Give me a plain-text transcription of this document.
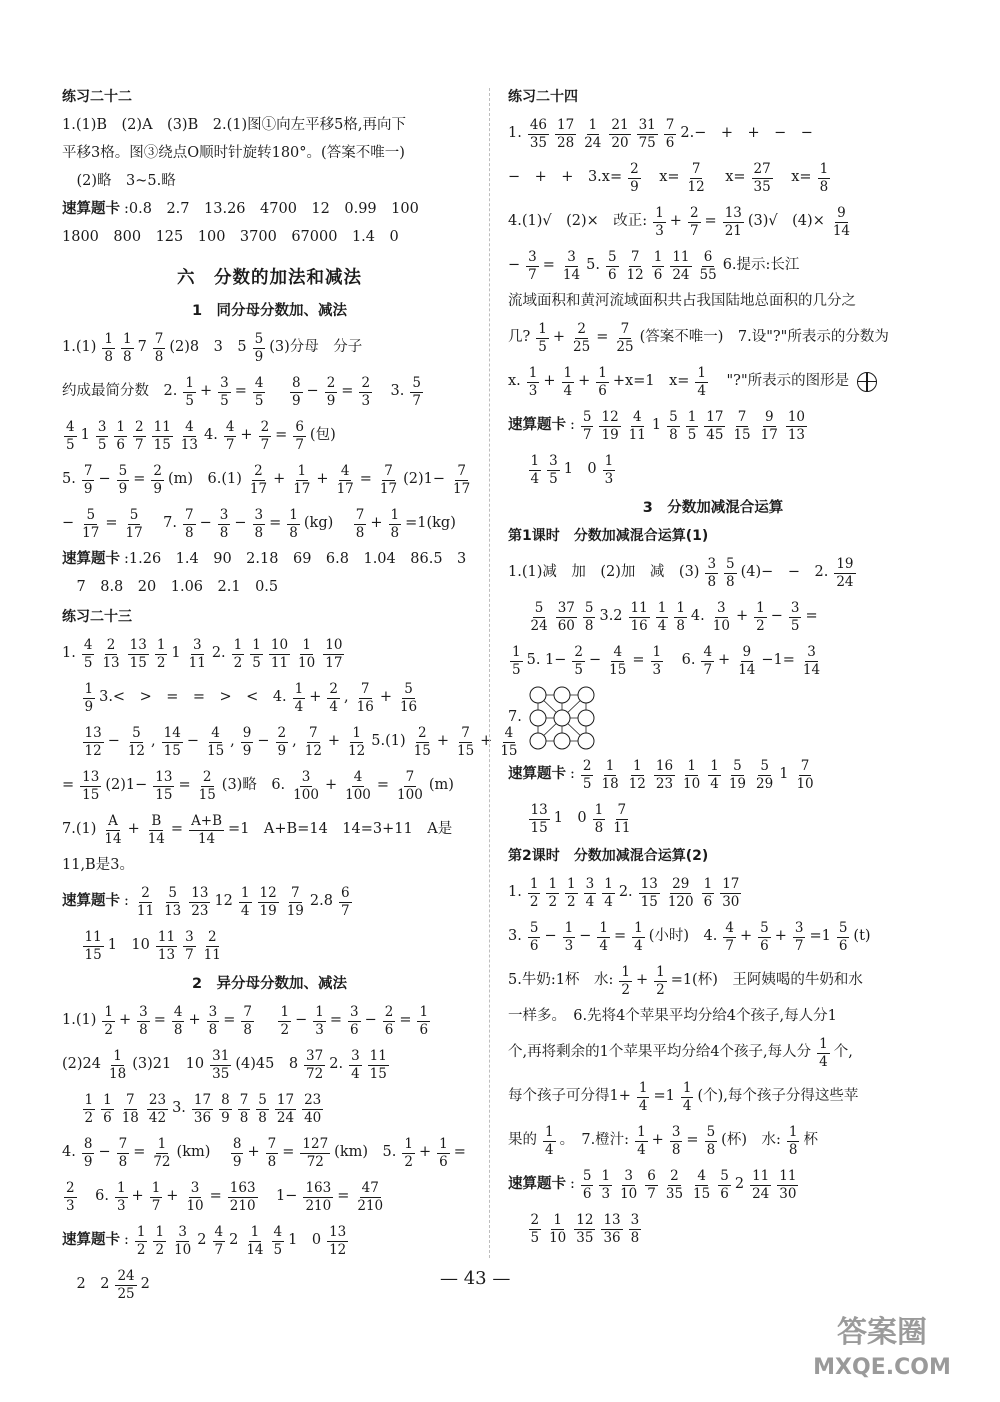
练习二十二
1.(1)B　(2)A　(3)B　2.(1)图①向左平移5格,再向下
平移3格。图③绕点O顺时针旋转180°。(答案不唯一)
　(2)略　3~5.略
速算题卡 :0.8　2.7　13.26　4700　12　0.99　100
1800　800　125　100　3700　67000　1.4　0
六　分数的加法和减法
1　同分母分数加、减法
$1.(1) \frac{1}{8} \frac{1}{8} 7 \frac{7}{8} (2)8$　3　$5 \frac{5}{9} (3)$分母　分子
约成最简分数　2. $\frac{1}{5} + \frac{3}{5} = \frac{4}{5}$
　 $\frac{8}{9} - \frac{2}{9} = \frac{2}{3}$ 　3. $\frac{5}{7}$
$\frac{4}{5} 1 \frac{3}{5} \frac{1}{6} \frac{2}{7} \frac{11}{15} \frac{4}{13} 4$. $\frac{4}{7} + \frac{2}{7} = \frac{6}{7}$ (包)
5. $\frac{7}{9} - \frac{5}{9} = \frac{2}{9} (m)$　$6.(1) \frac{2}{17} + \frac{1}{17} + \frac{4}{17} = \frac{7}{17} (2)1- \frac{7}{17}$
− $\frac{5}{17} = \frac{5}{17}$ 　7. $\frac{7}{8} - \frac{3}{8} - \frac{3}{8} = \frac{1}{8} (kg)$　 $\frac{7}{8} + \frac{1}{8} =1(kg)$
速算题卡 :1.26　1.4　90　2.18　69　6.8　1.04　86.5　3
　7　8.8　20　1.06　2.1　0.5
练习二十三
1. $\frac{4}{5} \frac{2}{13} \frac{13}{15} \frac{1}{2} 1 \frac{3}{11} 2$. $\frac{1}{2} \frac{1}{5} \frac{10}{11} \frac{1}{10} \frac{10}{17}$

$\frac{1}{9} 3.<$　>　=　=　>　<　4. $\frac{1}{4} + \frac{2}{4}$ , $\frac{7}{16} + \frac{5}{16}$

$\frac{13}{12} - \frac{5}{12}$ , $\frac{14}{15} - \frac{4}{15}$ , $\frac{9}{9} - \frac{2}{9}$ , $\frac{7}{12} + \frac{1}{12} 5.(1) \frac{2}{15} + \frac{7}{15} + \frac{4}{15}$
= $\frac{13}{15} (2)1- \frac{13}{15} = \frac{2}{15} (3)$略　6. $\frac{3}{100} + \frac{4}{100} = \frac{7}{100} (m)$
$7.(1) \frac{A}{14} + \frac{B}{14} = \frac{A+B}{14} =1$　A+B=14　14=3+11　A是
11,B是3。
速算题卡 : $\frac{2}{11} \frac{5}{13} \frac{13}{23} 12 \frac{1}{4} \frac{12}{19} \frac{7}{19} 2.8 \frac{6}{7}$

$\frac{11}{15} 1$　$10 \frac{11}{13} \frac{3}{7} \frac{2}{11}$
2　异分母分数加、减法
$1.(1) \frac{1}{2} + \frac{3}{8} = \frac{4}{8} + \frac{3}{8} = \frac{7}{8}$
　 $\frac{1}{2} - \frac{1}{3} = \frac{3}{6} - \frac{2}{6} = \frac{1}{6}$
$(2)24 \frac{1}{18} (3)21$　$10 \frac{31}{35} (4)45$　$8 \frac{37}{72} 2$. $\frac{3}{4} \frac{11}{15}$

$\frac{1}{2} \frac{1}{6} \frac{7}{18} \frac{23}{42} 3$. $\frac{17}{36} \frac{8}{9} \frac{7}{8} \frac{5}{8} \frac{17}{24} \frac{23}{40}$
4. $\frac{8}{9} - \frac{7}{8} = \frac{1}{72} (km)$　 $\frac{8}{9} + \frac{7}{8} = \frac{127}{72} (km)$　5. $\frac{1}{2} + \frac{1}{6}$ =
$\frac{2}{3}$ 　6. $\frac{1}{3} + \frac{1}{7} + \frac{3}{10} = \frac{163}{210}$ 　$1- \frac{163}{210} = \frac{47}{210}$
速算题卡 : $\frac{1}{2} \frac{1}{2} \frac{3}{10} 2 \frac{4}{7} 2 \frac{1}{14} \frac{4}{5} 1$　$0 \frac{13}{12}$
　2　$2 \frac{24}{25} 2$
练习二十四
1. $\frac{46}{35} \frac{17}{28} \frac{1}{24} \frac{21}{20} \frac{31}{75} \frac{7}{6} 2.-$　+　+　−　−
−　+　+　$3.x= \frac{2}{9}$ 　$x= \frac{7}{12}$ 　$x= \frac{27}{35}$ 　$x= \frac{1}{8}$
4.(1)√　(2)×　改正: $\frac{1}{3} + \frac{2}{7} = \frac{13}{21} (3)√$　$(4)\times \frac{9}{14}$
− $\frac{3}{7} = \frac{3}{14} 5$. $\frac{5}{6} \frac{7}{12} \frac{1}{6} \frac{11}{24} \frac{6}{55} 6$.提示:长江
流域面积和黄河流域面积共占我国陆地总面积的几分之
几? $\frac{1}{5} + \frac{2}{25} = \frac{7}{25}$ (答案不唯一)　7.设"?"所表示的分数为
x. $\frac{1}{3} + \frac{1}{4} + \frac{1}{6} +x=1$　$x= \frac{1}{4}$ 　"?"所表示的图形是
速算题卡 : $\frac{5}{7} \frac{12}{19} \frac{4}{11} 1 \frac{5}{8} \frac{1}{5} \frac{17}{45} \frac{7}{15} \frac{9}{17} \frac{10}{13}$

$\frac{1}{4} \frac{3}{5} 1$　$0 \frac{1}{3}$
3　分数加减混合运算
第1课时　分数加减混合运算(1)
1.(1)减　加　(2)加　减　$(3) \frac{3}{8} \frac{5}{8} (4)-$　−　2. $\frac{19}{24}$

$\frac{5}{24} \frac{37}{60} \frac{5}{8} 3.2 \frac{11}{16} \frac{1}{4} \frac{1}{8} 4$. $\frac{3}{10} + \frac{1}{2} - \frac{3}{5}$ =
$\frac{1}{5} 5$. $1- \frac{2}{5} - \frac{4}{15} = \frac{1}{3}$ 　6. $\frac{4}{7} + \frac{9}{14} -1= \frac{3}{14}$
7.
速算题卡 : $\frac{2}{5} \frac{1}{18} \frac{1}{12} \frac{16}{23} \frac{1}{10} \frac{1}{4} \frac{5}{19} \frac{5}{29} 1 \frac{7}{10}$

$\frac{13}{15} 1$　$0 \frac{1}{8} \frac{7}{11}$
第2课时　分数加减混合运算(2)
1. $\frac{1}{2} \frac{1}{2} \frac{1}{2} \frac{3}{4} \frac{1}{4} 2$. $\frac{13}{15} \frac{29}{120} \frac{1}{6} \frac{17}{30}$
3. $\frac{5}{6} - \frac{1}{3} - \frac{1}{4} = \frac{1}{4}$ (小时)　4. $\frac{4}{7} + \frac{5}{6} + \frac{3}{7} =1 \frac{5}{6} (t)$
5.牛奶:1杯　水: $\frac{1}{2} + \frac{1}{2} =1$(杯)　王阿姨喝的牛奶和水
一样多。　6.先将4个苹果平均分给4个孩子,每人分1
个,再将剩余的1个苹果平均分给4个孩子,每人分 $\frac{1}{4}$ 个,
每个孩子可分得$1+ \frac{1}{4} =1 \frac{1}{4}$ (个),每个孩子分得这些苹
果的 $\frac{1}{4}$ 。　7.橙汁: $\frac{1}{4} + \frac{3}{8} = \frac{5}{8}$ (杯)　水: $\frac{1}{8}$ 杯
速算题卡 : $\frac{5}{6} \frac{1}{3} \frac{3}{10} \frac{6}{7} \frac{2}{35} \frac{4}{15} \frac{5}{6} 2 \frac{11}{24} \frac{11}{30}$

$\frac{2}{5} \frac{1}{10} \frac{12}{35} \frac{13}{36} \frac{3}{8}$
— 43 —
答案圈
MXQE.COM
